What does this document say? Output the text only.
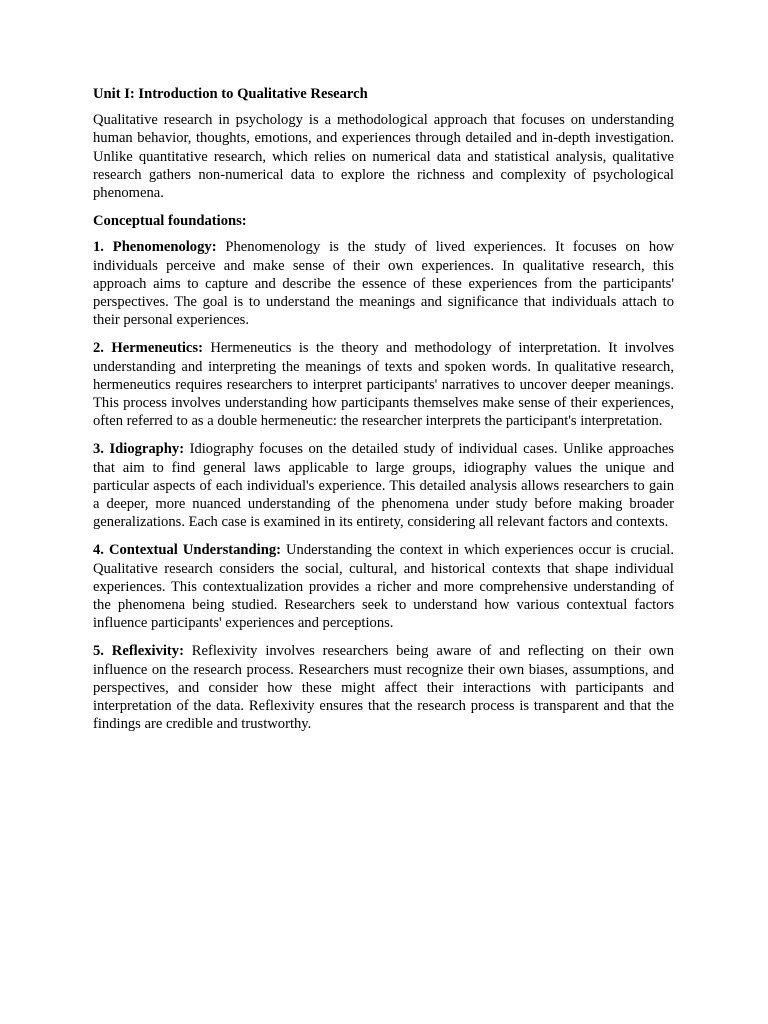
Unit I: Introduction to Qualitative Research

Qualitative research in psychology is a methodological approach that focuses on understanding human behavior, thoughts, emotions, and experiences through detailed and in-depth investigation. Unlike quantitative research, which relies on numerical data and statistical analysis, qualitative research gathers non-numerical data to explore the richness and complexity of psychological phenomena.

Conceptual foundations:

1. Phenomenology: Phenomenology is the study of lived experiences. It focuses on how individuals perceive and make sense of their own experiences. In qualitative research, this approach aims to capture and describe the essence of these experiences from the participants' perspectives. The goal is to understand the meanings and significance that individuals attach to their personal experiences.

2. Hermeneutics: Hermeneutics is the theory and methodology of interpretation. It involves understanding and interpreting the meanings of texts and spoken words. In qualitative research, hermeneutics requires researchers to interpret participants' narratives to uncover deeper meanings. This process involves understanding how participants themselves make sense of their experiences, often referred to as a double hermeneutic: the researcher interprets the participant's interpretation.

3. Idiography: Idiography focuses on the detailed study of individual cases. Unlike approaches that aim to find general laws applicable to large groups, idiography values the unique and particular aspects of each individual's experience. This detailed analysis allows researchers to gain a deeper, more nuanced understanding of the phenomena under study before making broader generalizations. Each case is examined in its entirety, considering all relevant factors and contexts.

4. Contextual Understanding: Understanding the context in which experiences occur is crucial. Qualitative research considers the social, cultural, and historical contexts that shape individual experiences. This contextualization provides a richer and more comprehensive understanding of the phenomena being studied. Researchers seek to understand how various contextual factors influence participants' experiences and perceptions.

5. Reflexivity: Reflexivity involves researchers being aware of and reflecting on their own influence on the research process. Researchers must recognize their own biases, assumptions, and perspectives, and consider how these might affect their interactions with participants and interpretation of the data. Reflexivity ensures that the research process is transparent and that the findings are credible and trustworthy.
